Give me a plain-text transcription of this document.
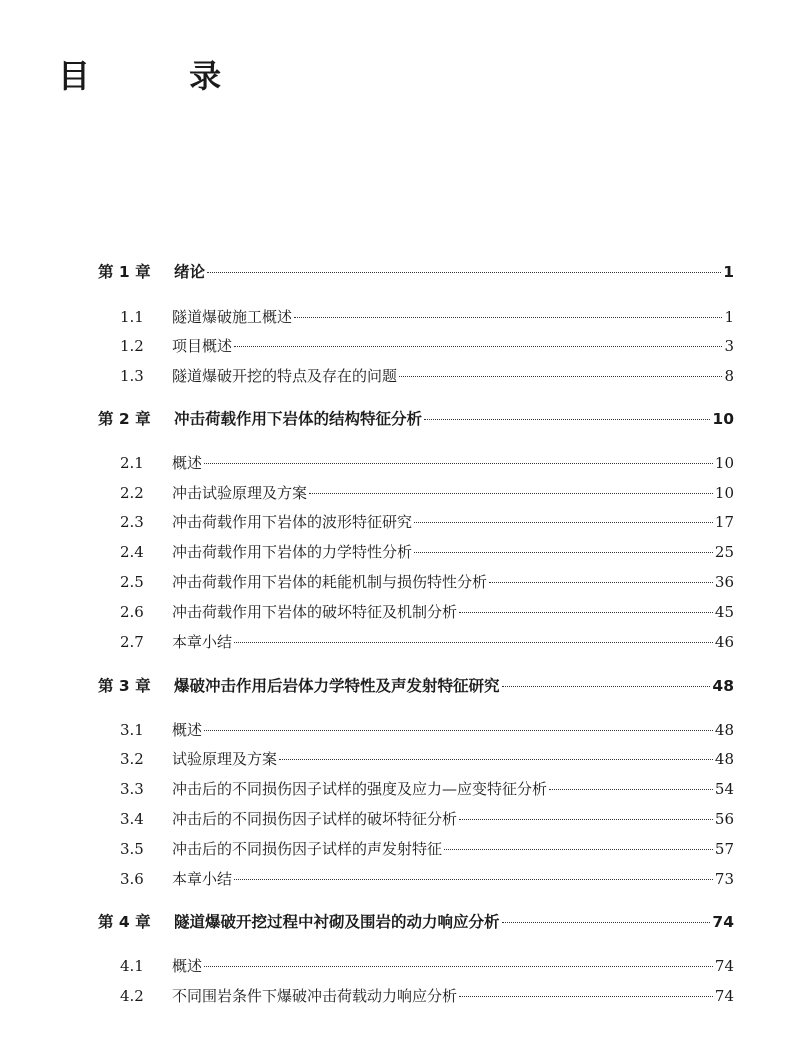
目 录
第 1 章	绪论	1
1.1	隧道爆破施工概述	1
1.2	项目概述	3
1.3	隧道爆破开挖的特点及存在的问题	8
第 2 章	冲击荷载作用下岩体的结构特征分析	10
2.1	概述	10
2.2	冲击试验原理及方案	10
2.3	冲击荷载作用下岩体的波形特征研究	17
2.4	冲击荷载作用下岩体的力学特性分析	25
2.5	冲击荷载作用下岩体的耗能机制与损伤特性分析	36
2.6	冲击荷载作用下岩体的破坏特征及机制分析	45
2.7	本章小结	46
第 3 章	爆破冲击作用后岩体力学特性及声发射特征研究	48
3.1	概述	48
3.2	试验原理及方案	48
3.3	冲击后的不同损伤因子试样的强度及应力—应变特征分析	54
3.4	冲击后的不同损伤因子试样的破坏特征分析	56
3.5	冲击后的不同损伤因子试样的声发射特征	57
3.6	本章小结	73
第 4 章	隧道爆破开挖过程中衬砌及围岩的动力响应分析	74
4.1	概述	74
4.2	不同围岩条件下爆破冲击荷载动力响应分析	74
